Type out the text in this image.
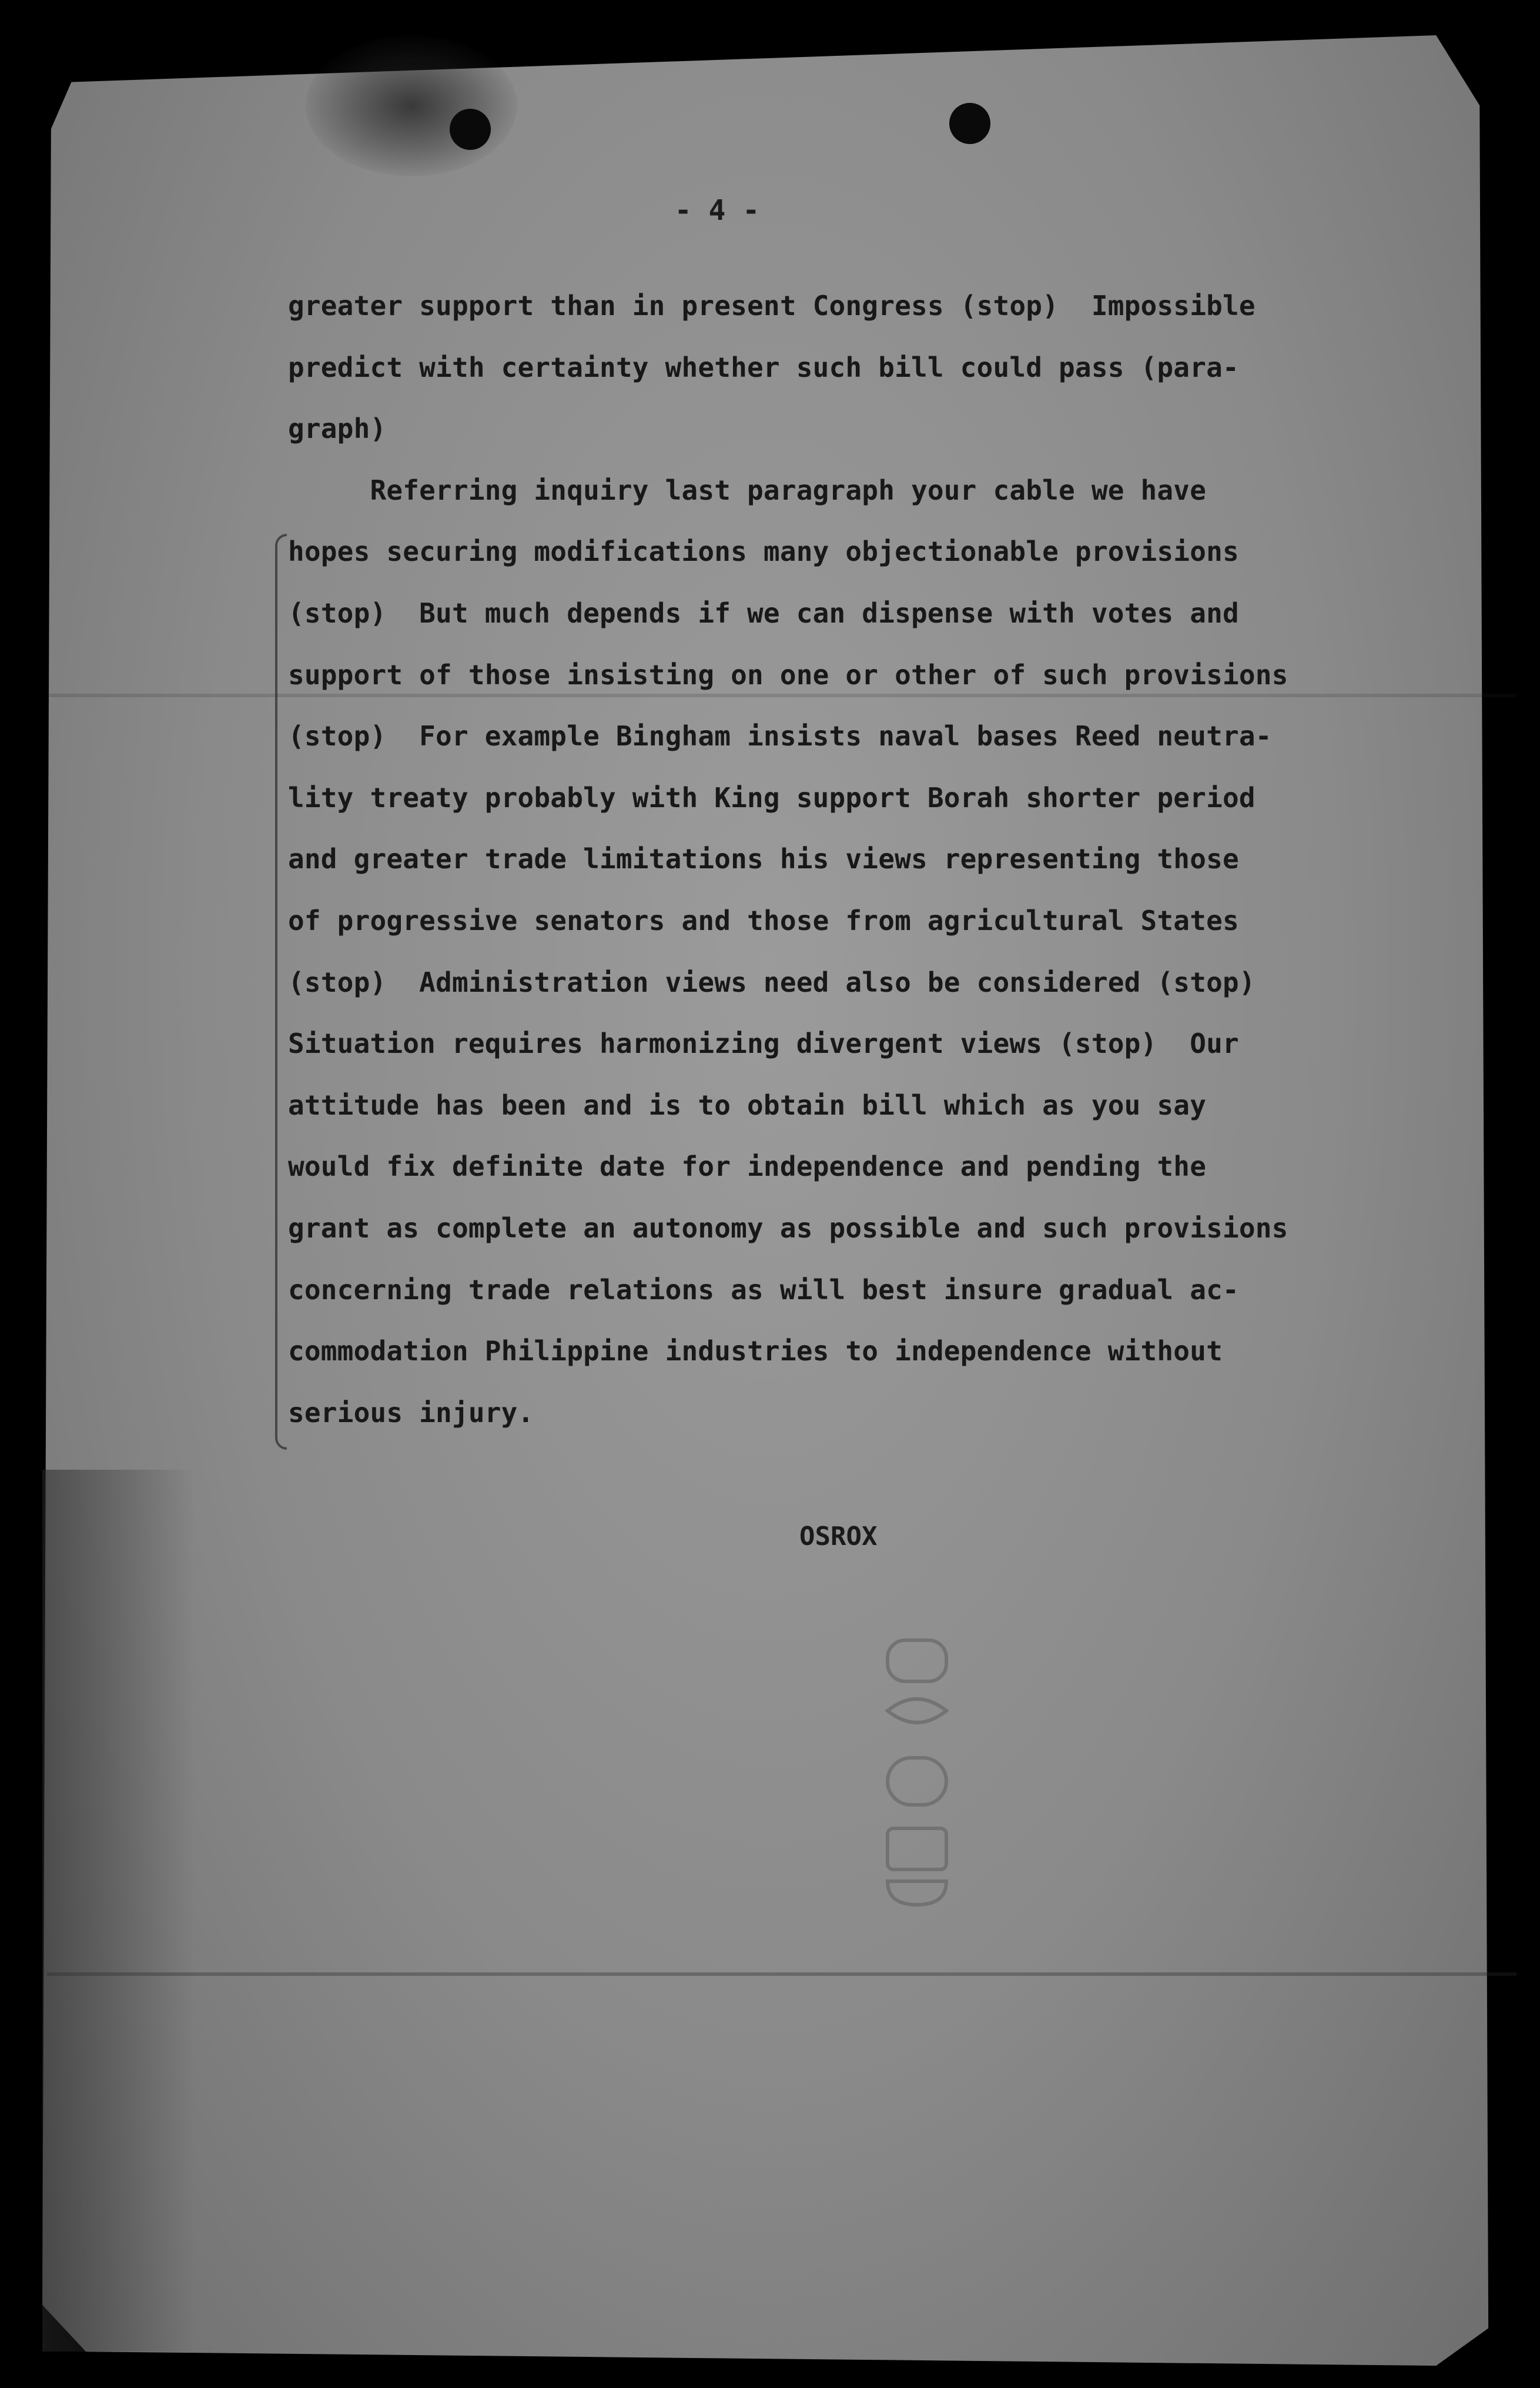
- 4 -
greater support than in present Congress (stop)  Impossible
predict with certainty whether such bill could pass (para-
graph)
Referring inquiry last paragraph your cable we have
hopes securing modifications many objectionable provisions
(stop)  But much depends if we can dispense with votes and
support of those insisting on one or other of such provisions
(stop)  For example Bingham insists naval bases Reed neutra-
lity treaty probably with King support Borah shorter period
and greater trade limitations his views representing those
of progressive senators and those from agricultural States
(stop)  Administration views need also be considered (stop)
Situation requires harmonizing divergent views (stop)  Our
attitude has been and is to obtain bill which as you say
would fix definite date for independence and pending the
grant as complete an autonomy as possible and such provisions
concerning trade relations as will best insure gradual ac-
commodation Philippine industries to independence without
serious injury.
OSROX
